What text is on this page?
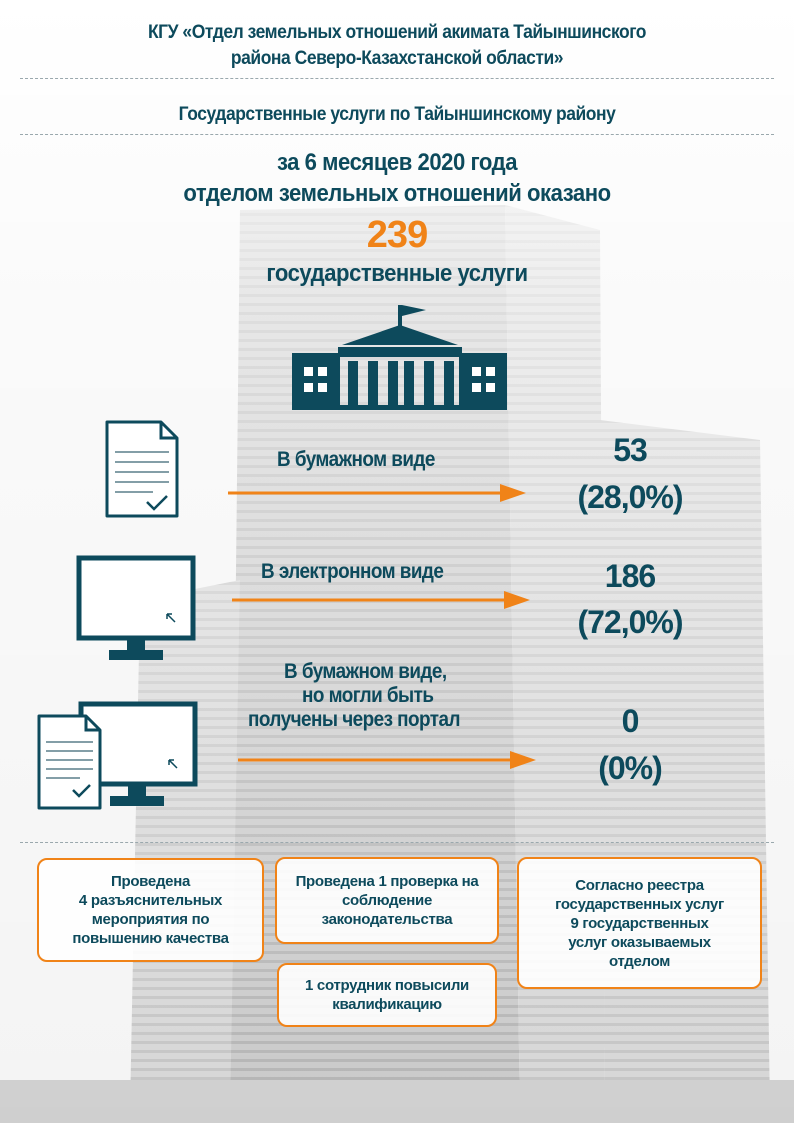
КГУ «Отдел земельных отношений акимата Тайыншинского
района Северо-Казахстанской области»
Государственные услуги по Тайыншинскому району
за 6 месяцев 2020 года
отделом земельных отношений оказано
239
государственные услуги
В бумажном виде	53
(28,0%)
В электронном виде	186
(72,0%)
В бумажном виде,
но могли быть
получены через портал	0
(0%)
Проведена
4 разъяснительных
мероприятия по
повышению качества
Проведена 1 проверка на
соблюдение
законодательства
1 сотрудник повысили
квалификацию
Согласно реестра
государственных услуг
9 государственных
услуг оказываемых
отделом
